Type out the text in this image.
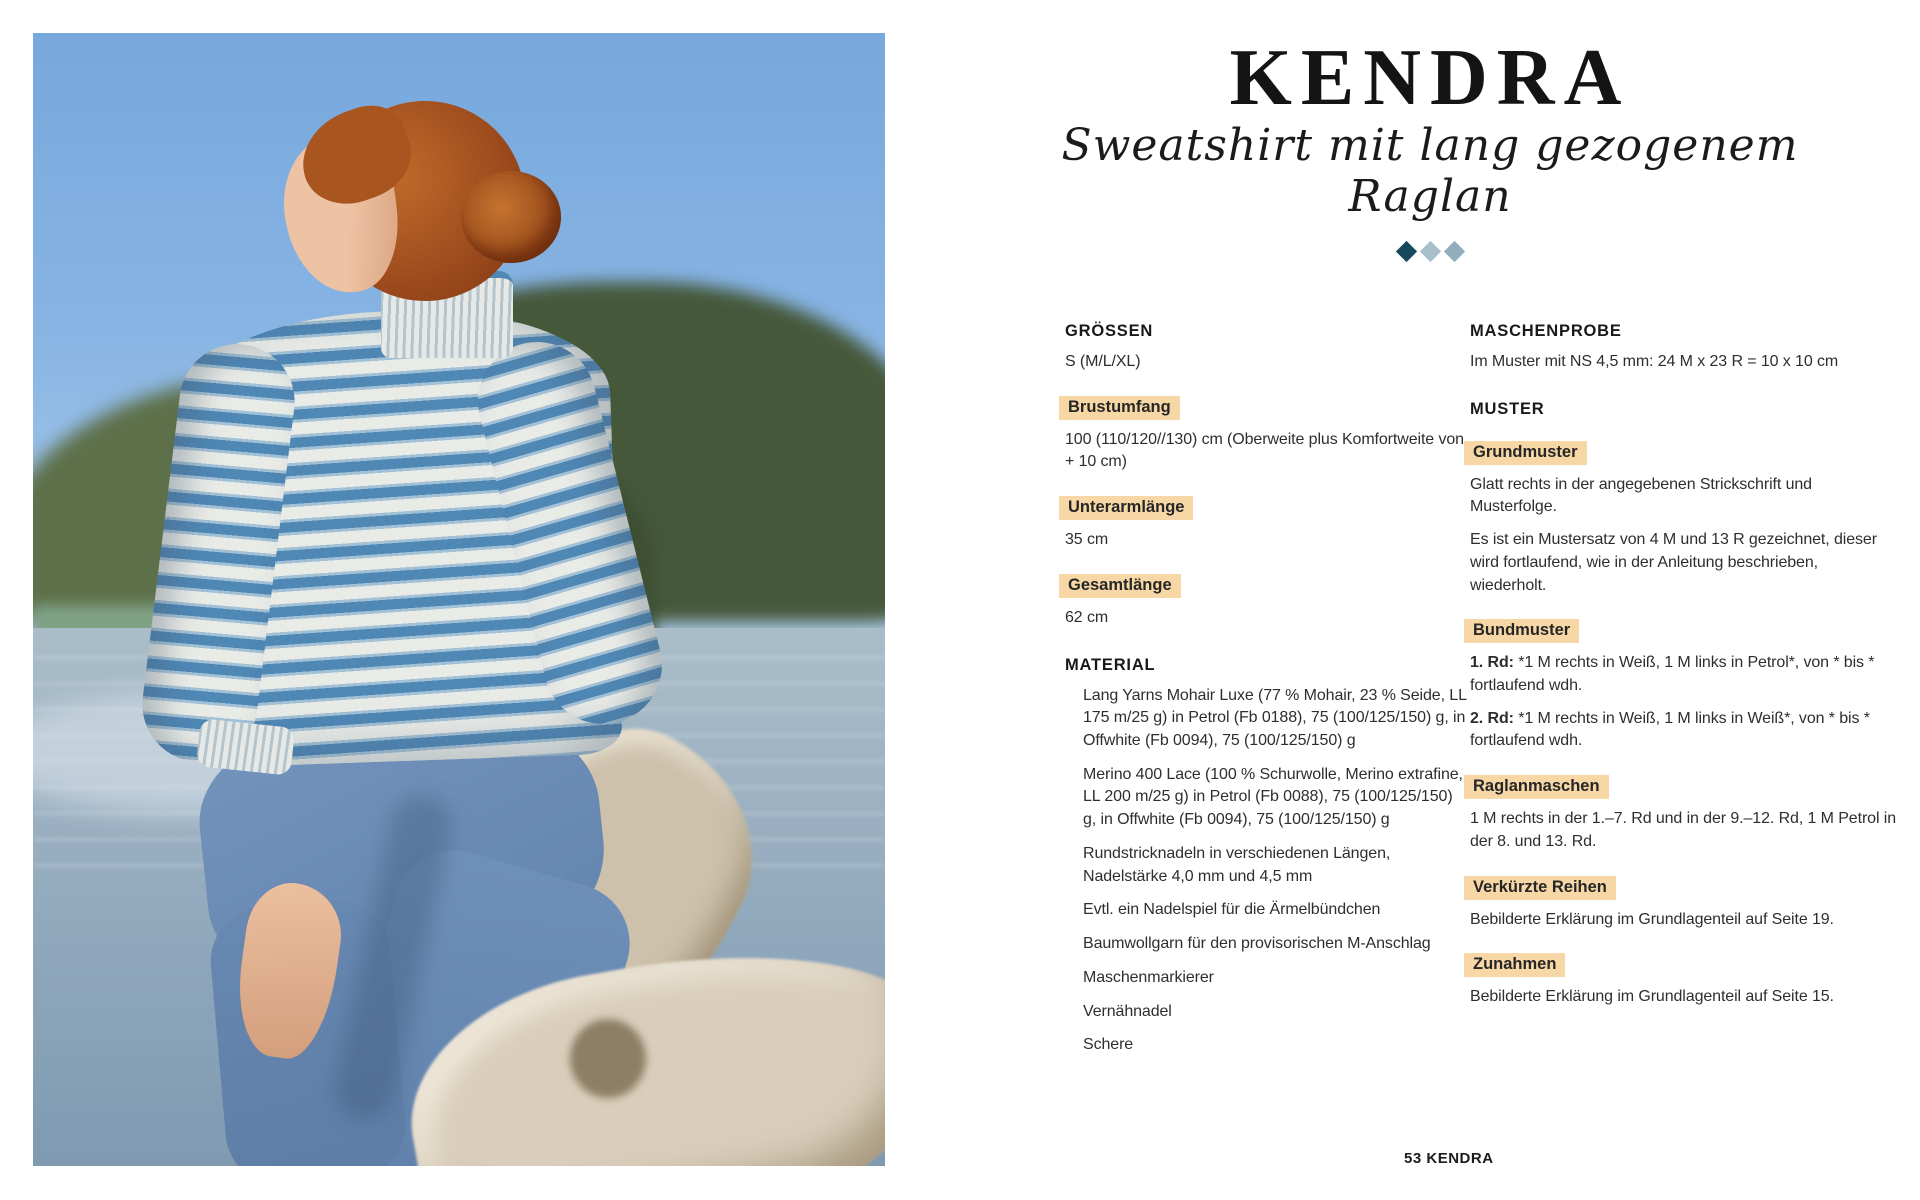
KENDRA
Sweatshirt mit lang gezogenem Raglan
GRÖSSEN

S (M/L/XL)

Brustumfang

100 (110/120//130) cm (Oberweite plus Komfortweite von + 10 cm)

Unterarmlänge

35 cm

Gesamtlänge

62 cm

MATERIAL

Lang Yarns Mohair Luxe (77 % Mohair, 23 % Seide, LL 175 m/25 g) in Petrol (Fb 0188), 75 (100/125/150) g, in Offwhite (Fb 0094), 75 (100/125/150) g

Merino 400 Lace (100 % Schurwolle, Merino extrafine, LL 200 m/25 g) in Petrol (Fb 0088), 75 (100/125/150) g, in Offwhite (Fb 0094), 75 (100/125/150) g

Rundstricknadeln in verschiedenen Längen, Nadelstärke 4,0 mm und 4,5 mm

Evtl. ein Nadelspiel für die Ärmelbündchen

Baumwollgarn für den provisorischen M-Anschlag

Maschenmarkierer

Vernähnadel

Schere

MASCHENPROBE

Im Muster mit NS 4,5 mm: 24 M x 23 R = 10 x 10 cm

MUSTER
Grundmuster

Glatt rechts in der angegebenen Strickschrift und Musterfolge.

Es ist ein Mustersatz von 4 M und 13 R gezeichnet, dieser wird fortlaufend, wie in der Anleitung beschrieben, wiederholt.

Bundmuster

1. Rd: *1 M rechts in Weiß, 1 M links in Petrol*, von * bis * fortlaufend wdh.

2. Rd: *1 M rechts in Weiß, 1 M links in Weiß*, von * bis * fortlaufend wdh.

Raglanmaschen

1 M rechts in der 1.–7. Rd und in der 9.–12. Rd, 1 M Petrol in der 8. und 13. Rd.

Verkürzte Reihen

Bebilderte Erklärung im Grundlagenteil auf Seite 19.

Zunahmen

Bebilderte Erklärung im Grundlagenteil auf Seite 15.

53 KENDRA
